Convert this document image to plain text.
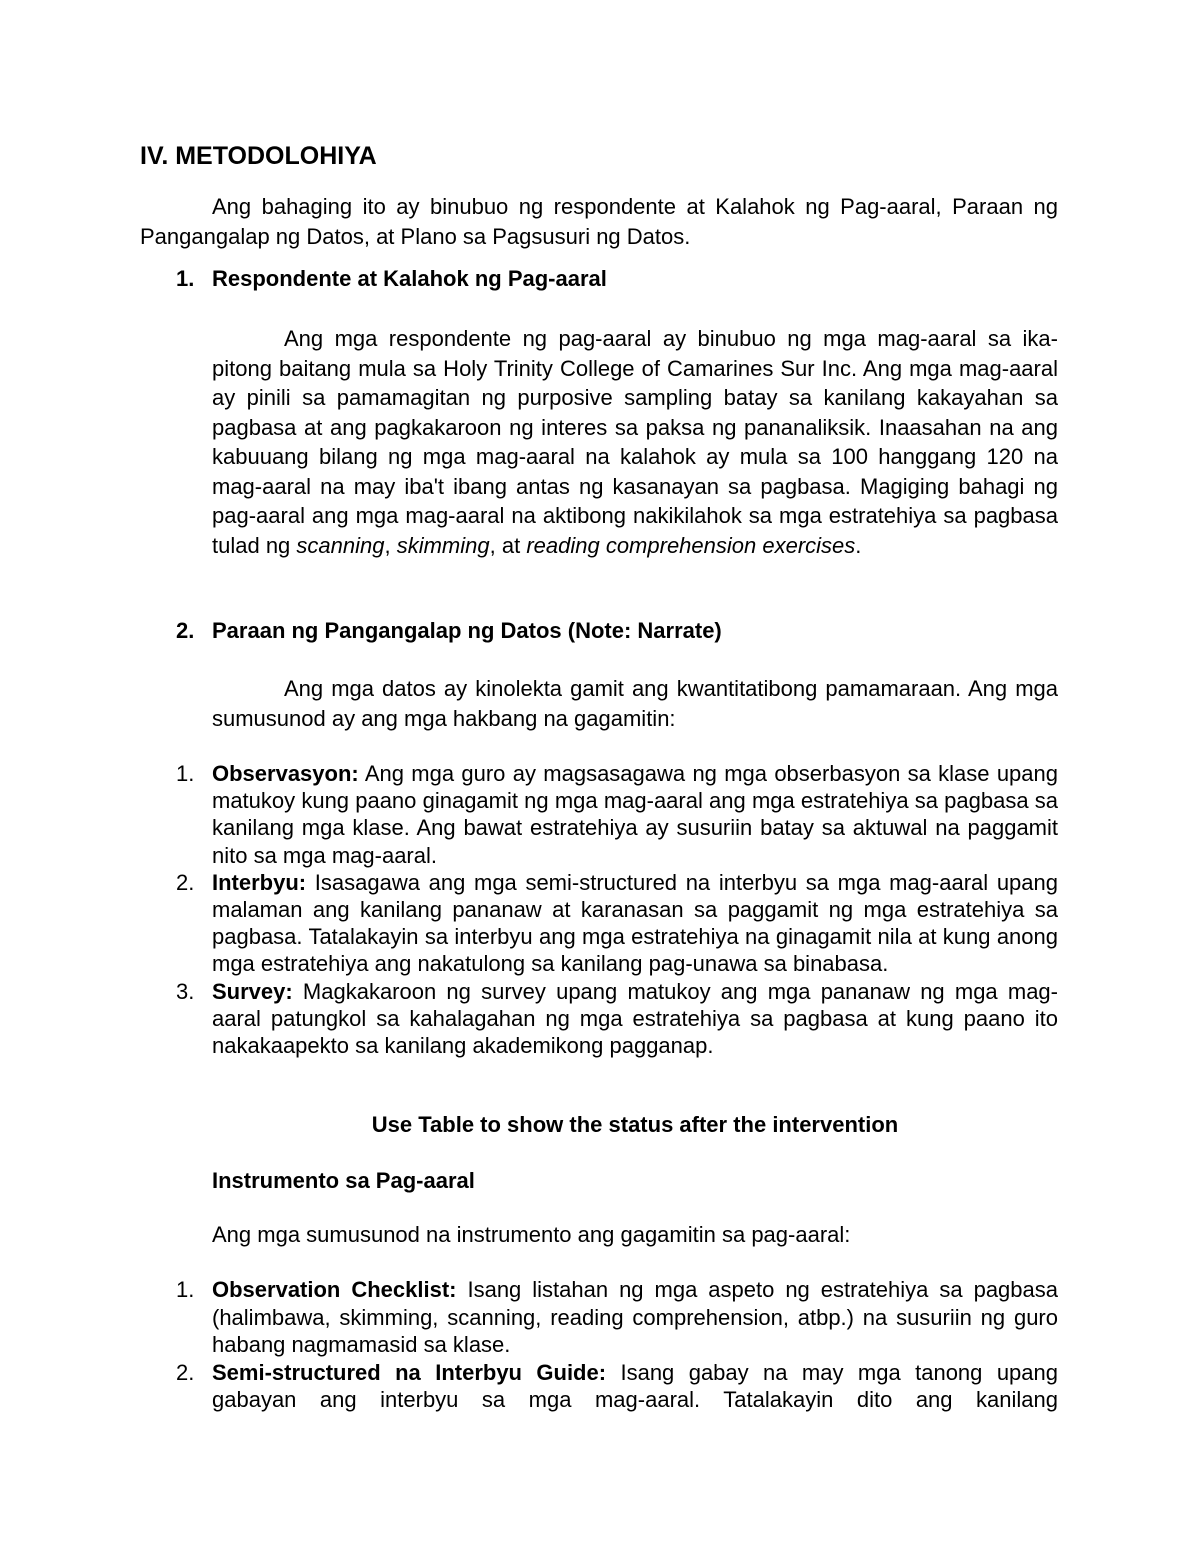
IV. METODOLOHIYA
Ang bahaging ito ay binubuo ng respondente at Kalahok ng Pag-aaral, Paraan ng Pangangalap ng Datos, at Plano sa Pagsusuri ng Datos.
1. Respondente at Kalahok ng Pag-aaral
Ang mga respondente ng pag-aaral ay binubuo ng mga mag-aaral sa ika-pitong baitang mula sa Holy Trinity College of Camarines Sur Inc. Ang mga mag-aaral ay pinili sa pamamagitan ng purposive sampling batay sa kanilang kakayahan sa pagbasa at ang pagkakaroon ng interes sa paksa ng pananaliksik. Inaasahan na ang kabuuang bilang ng mga mag-aaral na kalahok ay mula sa 100 hanggang 120 na mag-aaral na may iba't ibang antas ng kasanayan sa pagbasa. Magiging bahagi ng pag-aaral ang mga mag-aaral na aktibong nakikilahok sa mga estratehiya sa pagbasa tulad ng scanning, skimming, at reading comprehension exercises.
2. Paraan ng Pangangalap ng Datos (Note: Narrate)
Ang mga datos ay kinolekta gamit ang kwantitatibong pamamaraan. Ang mga sumusunod ay ang mga hakbang na gagamitin:
1. Observasyon: Ang mga guro ay magsasagawa ng mga obserbasyon sa klase upang matukoy kung paano ginagamit ng mga mag-aaral ang mga estratehiya sa pagbasa sa kanilang mga klase. Ang bawat estratehiya ay susuriin batay sa aktuwal na paggamit nito sa mga mag-aaral.
2. Interbyu: Isasagawa ang mga semi-structured na interbyu sa mga mag-aaral upang malaman ang kanilang pananaw at karanasan sa paggamit ng mga estratehiya sa pagbasa. Tatalakayin sa interbyu ang mga estratehiya na ginagamit nila at kung anong mga estratehiya ang nakatulong sa kanilang pag-unawa sa binabasa.
3. Survey: Magkakaroon ng survey upang matukoy ang mga pananaw ng mga mag-aaral patungkol sa kahalagahan ng mga estratehiya sa pagbasa at kung paano ito nakakaapekto sa kanilang akademikong pagganap.
Use Table to show the status after the intervention
Instrumento sa Pag-aaral
Ang mga sumusunod na instrumento ang gagamitin sa pag-aaral:
1. Observation Checklist: Isang listahan ng mga aspeto ng estratehiya sa pagbasa (halimbawa, skimming, scanning, reading comprehension, atbp.) na susuriin ng guro habang nagmamasid sa klase.
2. Semi-structured na Interbyu Guide: Isang gabay na may mga tanong upang gabayan ang interbyu sa mga mag-aaral. Tatalakayin dito ang kanilang
